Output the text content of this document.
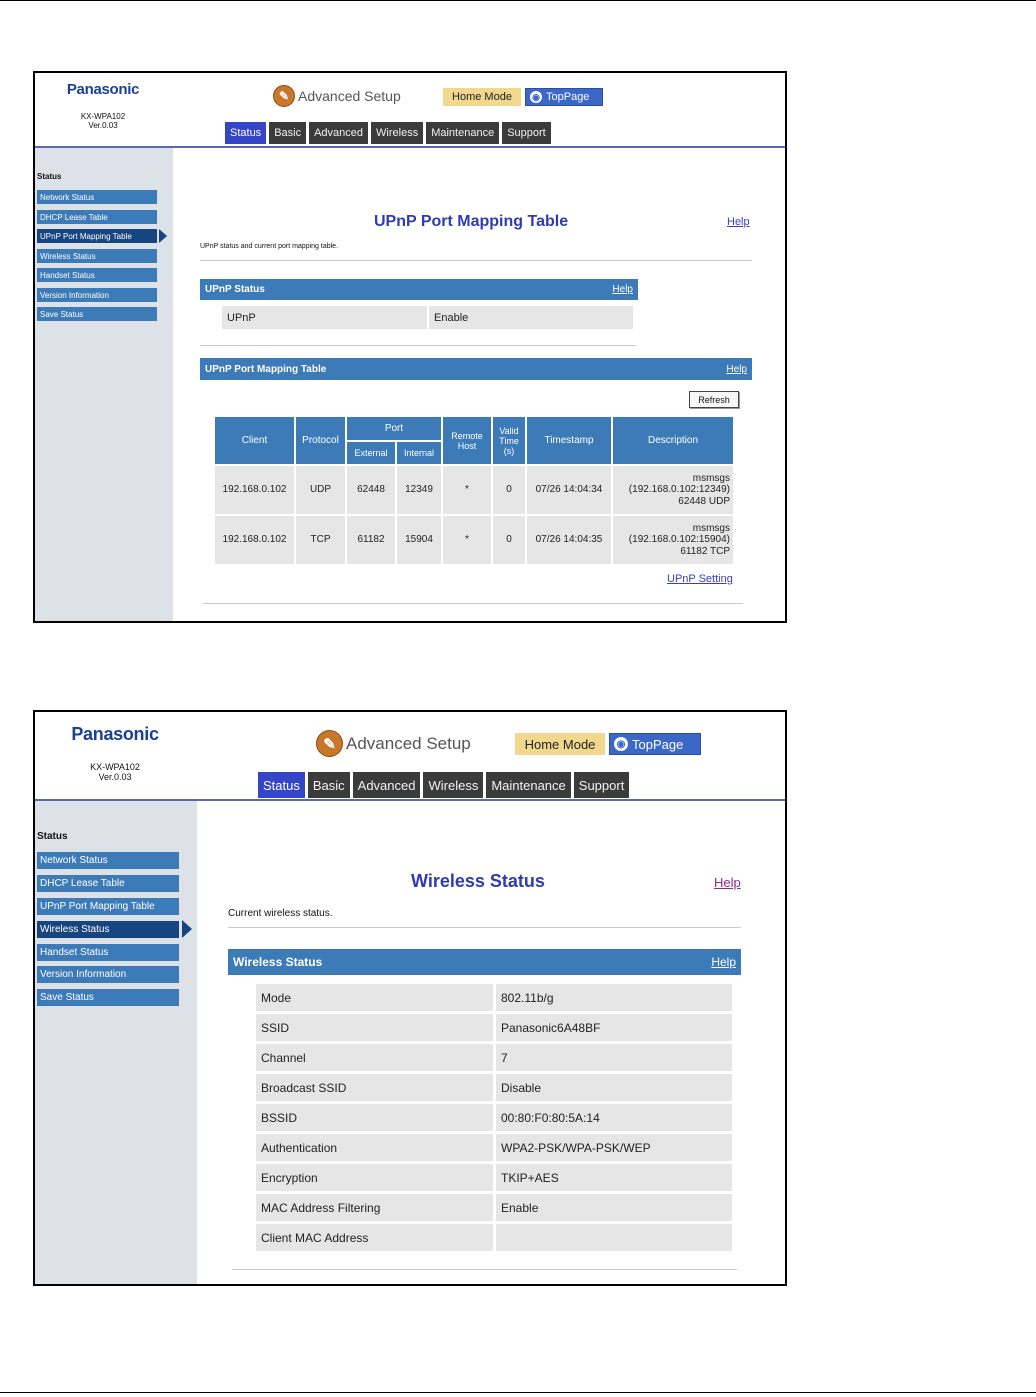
Panasonic
KX-WPA102
Ver.0.03
✎ Advanced Setup	Home Mode	◉ TopPage
Status	Basic	Advanced	Wireless	Maintenance	Support
Status
Network Status
DHCP Lease Table
UPnP Port Mapping Table
Wireless Status
Handset Status
Version Information
Save Status
UPnP Port Mapping Table	Help
UPnP status and current port mapping table.
UPnP Status	Help
UPnP	Enable
UPnP Port Mapping Table	Help
Refresh
Client	Protocol	Port		Remote Host	Valid Time (s)	Timestamp	Description
		External	Internal				
192.168.0.102	UDP	62448	12349	*	0	07/26 14:04:34	msmsgs
(192.168.0.102:12349)
62448 UDP

192.168.0.102	TCP	61182	15904	*	0	07/26 14:04:35	msmsgs
(192.168.0.102:15904)
61182 TCP
UPnP Setting
Panasonic
KX-WPA102
Ver.0.03
✎ Advanced Setup	Home Mode	◉ TopPage
Status	Basic	Advanced	Wireless	Maintenance	Support
Status
Network Status
DHCP Lease Table
UPnP Port Mapping Table
Wireless Status
Handset Status
Version Information
Save Status
Wireless Status	Help
Current wireless status.
Wireless Status	Help
Mode	802.11b/g
SSID	Panasonic6A48BF
Channel	7
Broadcast SSID	Disable
BSSID	00:80:F0:80:5A:14
Authentication	WPA2-PSK/WPA-PSK/WEP
Encryption	TKIP+AES
MAC Address Filtering	Enable
Client MAC Address
